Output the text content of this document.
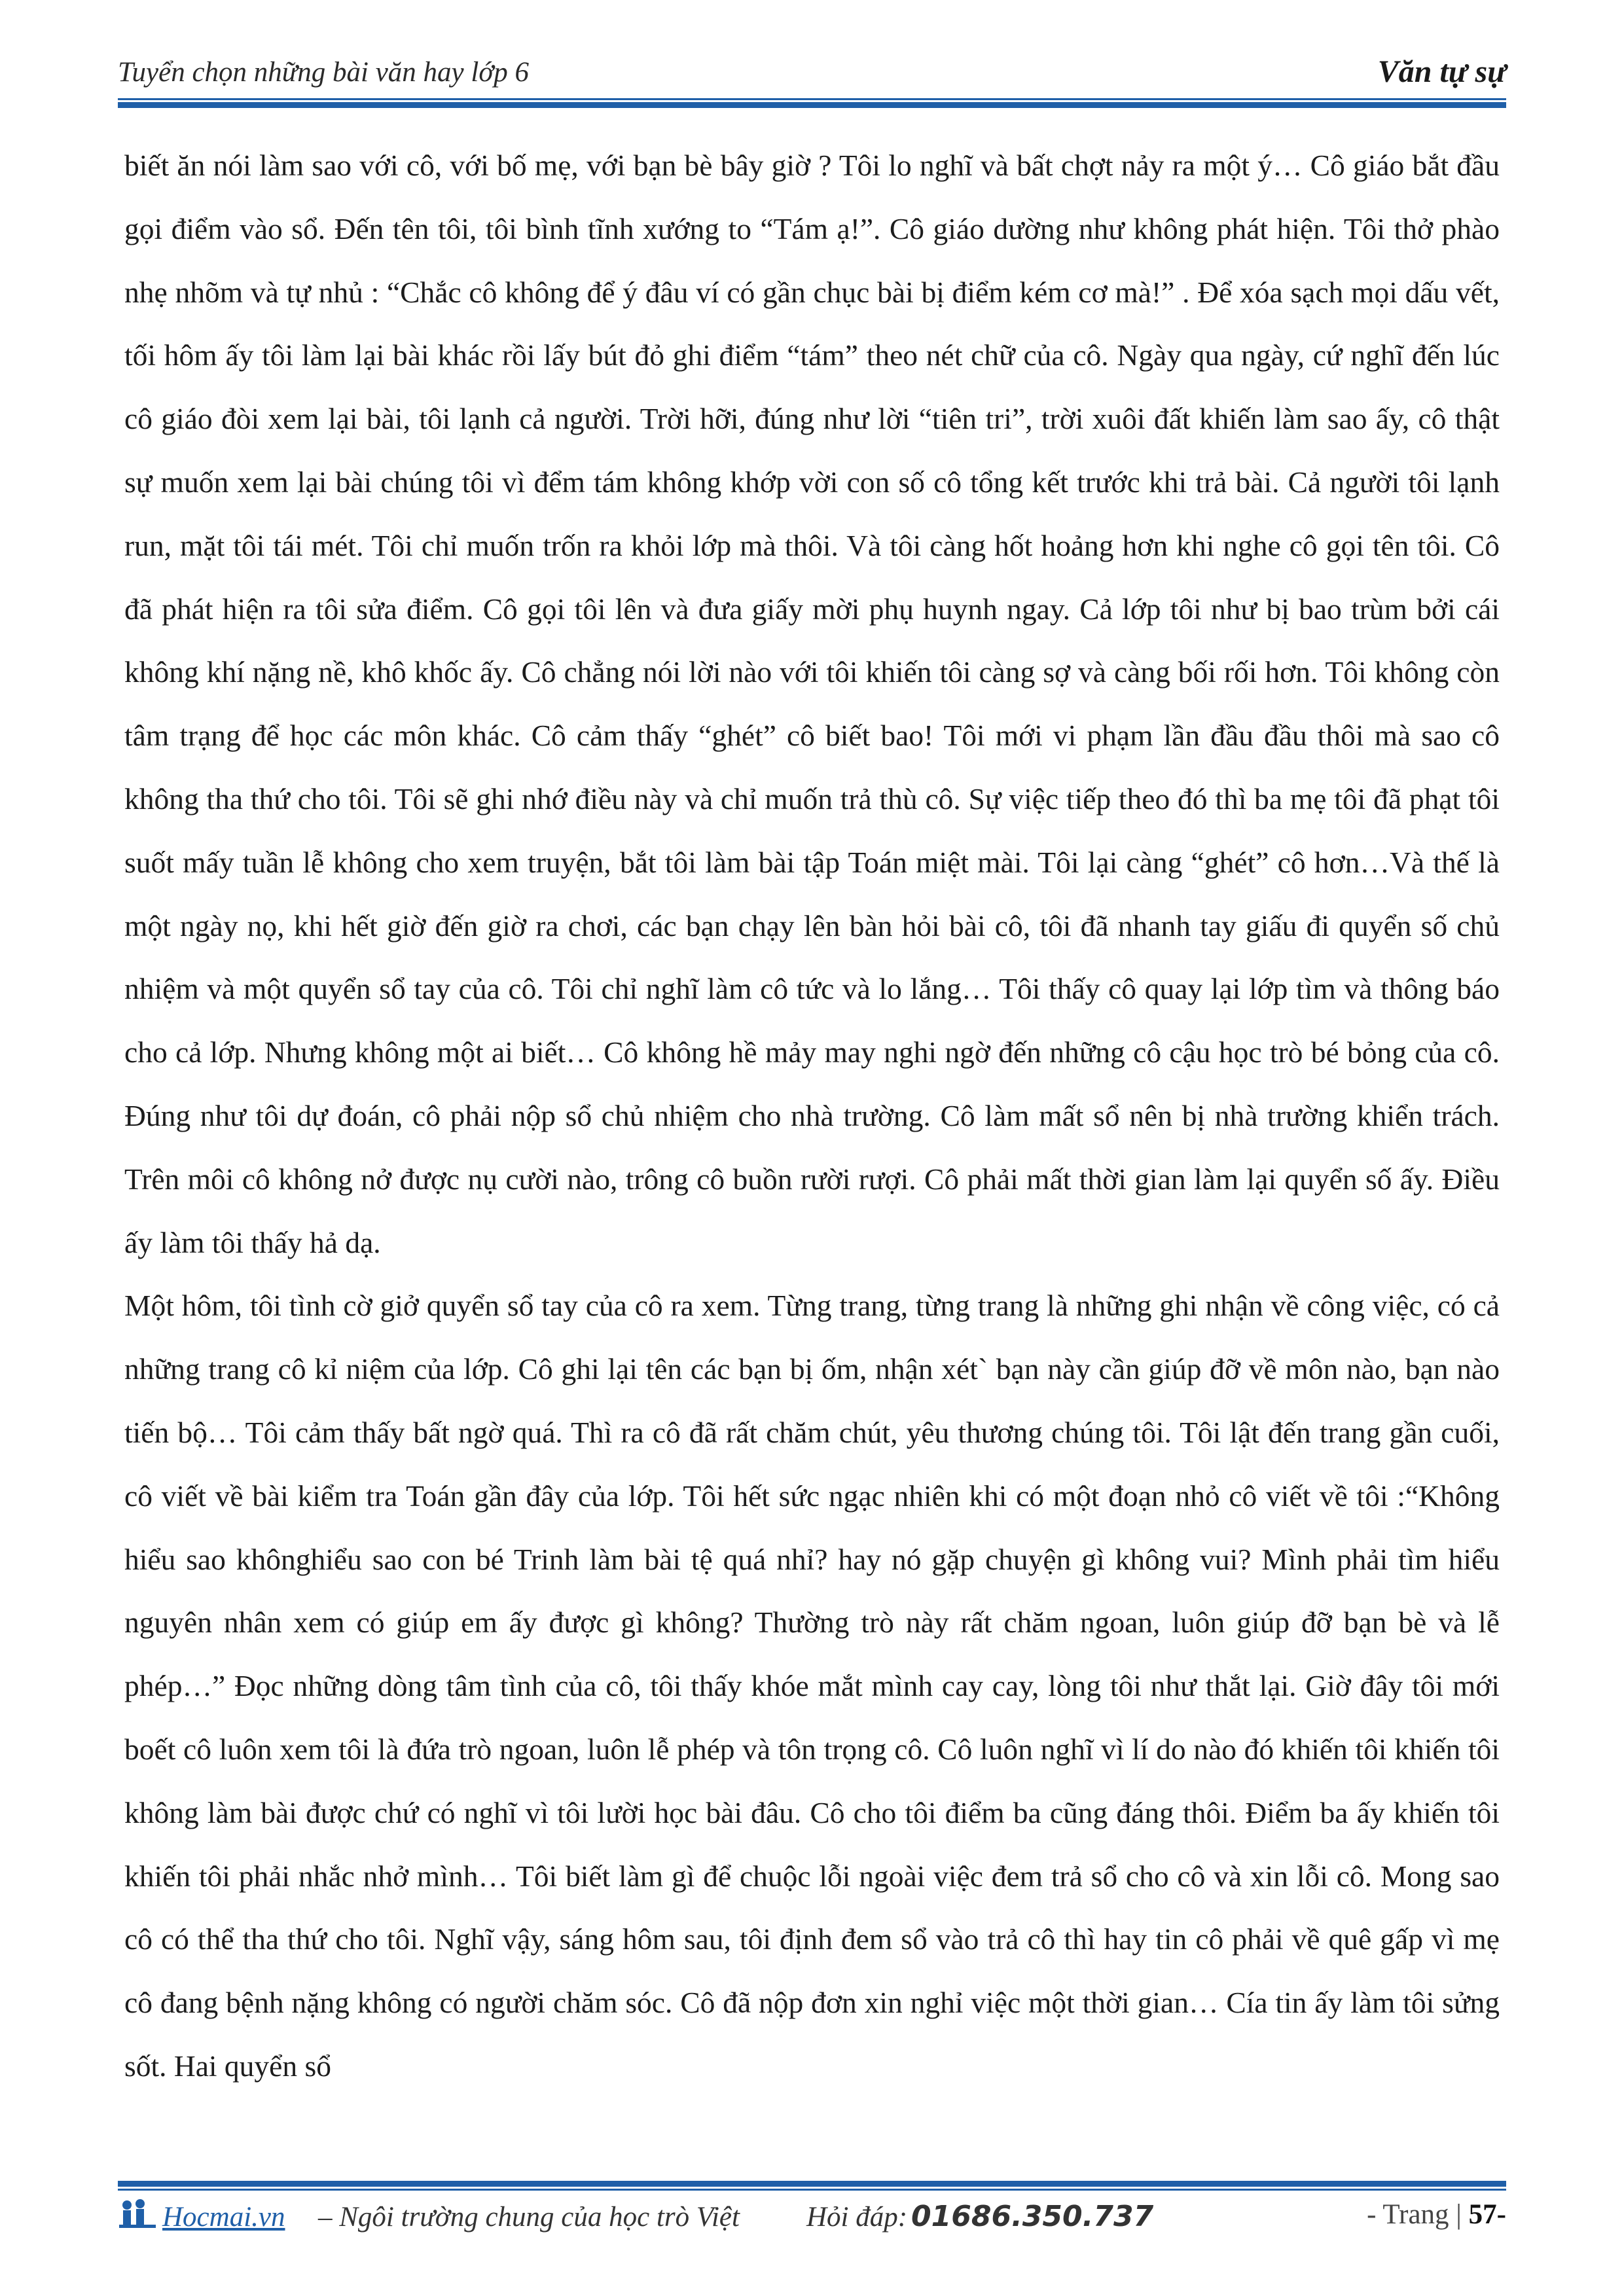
Tuyển chọn những bài văn hay lớp 6	Văn tự sự

biết ăn nói làm sao với cô, với bố mẹ, với bạn bè bây giờ ? Tôi lo nghĩ và bất chợt nảy ra một ý… Cô giáo bắt đầu gọi điểm vào sổ. Đến tên tôi, tôi bình tĩnh xướng to “Tám ạ!”. Cô giáo dường như không phát hiện. Tôi thở phào nhẹ nhõm và tự nhủ : “Chắc cô không để ý đâu ví có gần chục bài bị điểm kém cơ mà!” . Để xóa sạch mọi dấu vết, tối hôm ấy tôi làm lại bài khác rồi lấy bút đỏ ghi điểm “tám” theo nét chữ của cô. Ngày qua ngày, cứ nghĩ đến lúc cô giáo đòi xem lại bài, tôi lạnh cả người. Trời hỡi, đúng như lời “tiên tri”, trời xuôi đất khiến làm sao ấy, cô thật sự muốn xem lại bài chúng tôi vì đểm tám không khớp vời con số cô tổng kết trước khi trả bài. Cả người tôi lạnh run, mặt tôi tái mét. Tôi chỉ muốn trốn ra khỏi lớp mà thôi. Và tôi càng hốt hoảng hơn khi nghe cô gọi tên tôi. Cô đã phát hiện ra tôi sửa điểm. Cô gọi tôi lên và đưa giấy mời phụ huynh ngay. Cả lớp tôi như bị bao trùm bởi cái không khí nặng nề, khô khốc ấy. Cô chẳng nói lời nào với tôi khiến tôi càng sợ và càng bối rối hơn. Tôi không còn tâm trạng để học các môn khác. Cô cảm thấy “ghét” cô biết bao! Tôi mới vi phạm lần đầu đầu thôi mà sao cô không tha thứ cho tôi. Tôi sẽ ghi nhớ điều này và chỉ muốn trả thù cô. Sự việc tiếp theo đó thì ba mẹ tôi đã phạt tôi suốt mấy tuần lễ không cho xem truyện, bắt tôi làm bài tập Toán miệt mài. Tôi lại càng “ghét” cô hơn…Và thế là một ngày nọ, khi hết giờ đến giờ ra chơi, các bạn chạy lên bàn hỏi bài cô, tôi đã nhanh tay giấu đi quyển số chủ nhiệm và một quyển sổ tay của cô. Tôi chỉ nghĩ làm cô tức và lo lắng… Tôi thấy cô quay lại lớp tìm và thông báo cho cả lớp. Nhưng không một ai biết… Cô không hề mảy may nghi ngờ đến những cô cậu học trò bé bỏng của cô. Đúng như tôi dự đoán, cô phải nộp sổ chủ nhiệm cho nhà trường. Cô làm mất sổ nên bị nhà trường khiển trách. Trên môi cô không nở được nụ cười nào, trông cô buồn rười rượi. Cô phải mất thời gian làm lại quyển số ấy. Điều ấy làm tôi thấy hả dạ.

Một hôm, tôi tình cờ giở quyển sổ tay của cô ra xem. Từng trang, từng trang là những ghi nhận về công việc, có cả những trang cô kỉ niệm của lớp. Cô ghi lại tên các bạn bị ốm, nhận xét` bạn này cần giúp đỡ về môn nào, bạn nào tiến bộ… Tôi cảm thấy bất ngờ quá. Thì ra cô đã rất chăm chút, yêu thương chúng tôi. Tôi lật đến trang gần cuối, cô viết về bài kiểm tra Toán gần đây của lớp. Tôi hết sức ngạc nhiên khi có một đoạn nhỏ cô viết về tôi :“Không hiểu sao khônghiểu sao con bé Trinh làm bài tệ quá nhỉ? hay nó gặp chuyện gì không vui? Mình phải tìm hiểu nguyên nhân xem có giúp em ấy được gì không? Thường trò này rất chăm ngoan, luôn giúp đỡ bạn bè và lễ phép…” Đọc những dòng tâm tình của cô, tôi thấy khóe mắt mình cay cay, lòng tôi như thắt lại. Giờ đây tôi mới boết cô luôn xem tôi là đứa trò ngoan, luôn lễ phép và tôn trọng cô. Cô luôn nghĩ vì lí do nào đó khiến tôi khiến tôi không làm bài được chứ có nghĩ vì tôi lười học bài đâu. Cô cho tôi điểm ba cũng đáng thôi. Điểm ba ấy khiến tôi khiến tôi phải nhắc nhở mình… Tôi biết làm gì để chuộc lỗi ngoài việc đem trả sổ cho cô và xin lỗi cô. Mong sao cô có thể tha thứ cho tôi. Nghĩ vậy, sáng hôm sau, tôi định đem sổ vào trả cô thì hay tin cô phải về quê gấp vì mẹ cô đang bệnh nặng không có người chăm sóc. Cô đã nộp đơn xin nghỉ việc một thời gian… Cía tin ấy làm tôi sửng sốt. Hai quyển sổ

Hocmai.vn – Ngôi trường chung của học trò Việt Hỏi đáp: 01686.350.737	- Trang | 57-
